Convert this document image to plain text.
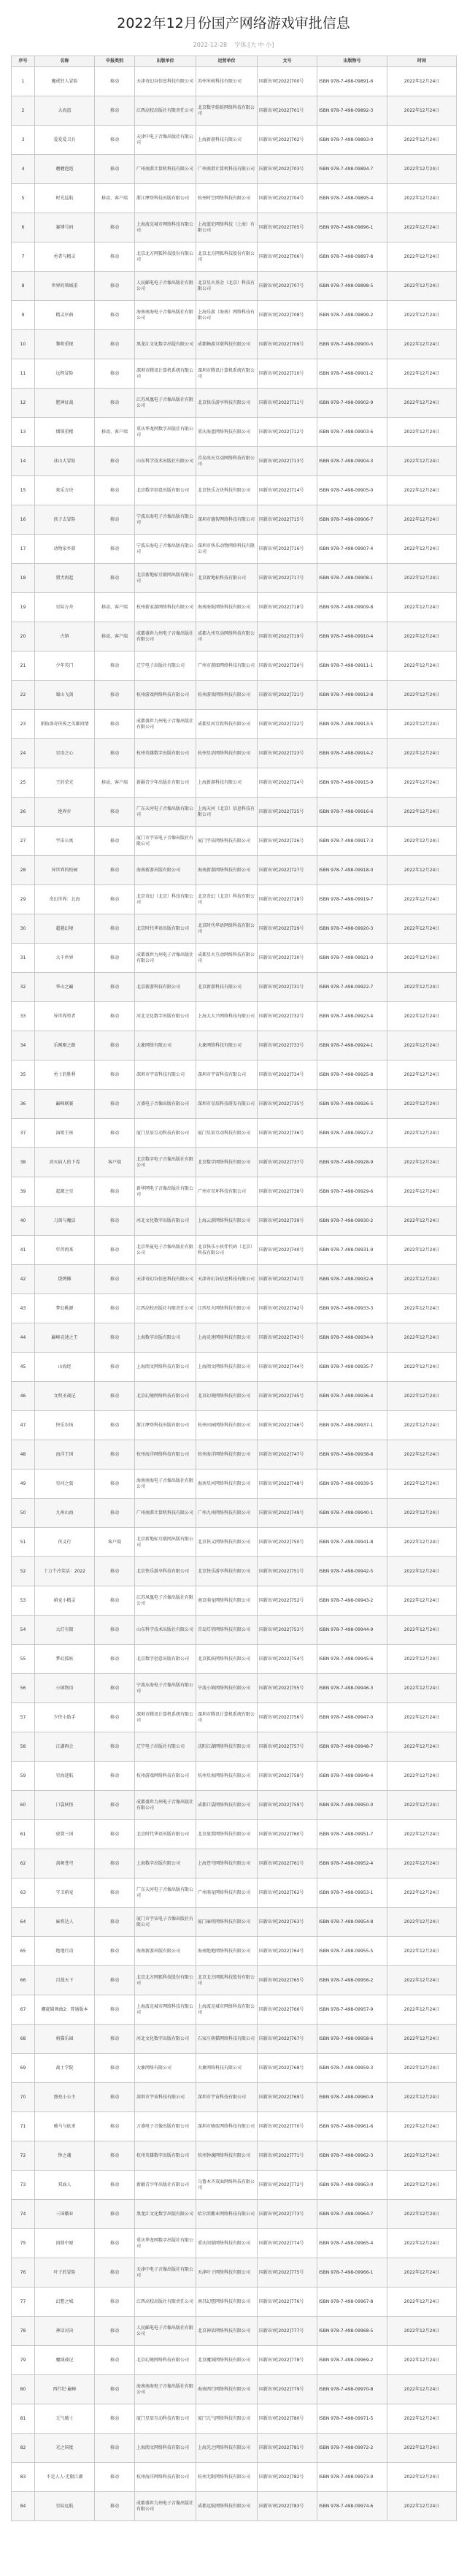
2022年12月份国产网络游戏审批信息
2022-12-28 字体:[大 中 小]
序号	名称	申报类别	出版单位	运营单位	文号	出版物号	时间
1	魔戒狂人冒险	移动	天津奇幻谷信息科技有限公司	苏州米岐科技有限公司	国新出审[2022]700号	ISBN 978-7-498-09891-6	2022年12月24日
2	大海盗	移动	江西高校出版社有限责任公司	北京数字蛙蛙网络科技有限公司	国新出审[2022]701号	ISBN 978-7-498-09892-3	2022年12月24日
3	爱爱爱卫兵	移动	天津中电子音像出版社有限公司	上海新游科技有限公司	国新出审[2022]702号	ISBN 978-7-498-09893-0	2022年12月24日
4	蘑蘑泡泡	移动	广州南淇计算机科技有限公司	广州南淇计算机科技有限公司	国新出审[2022]703号	ISBN 978-7-498-09894-7	2022年12月24日
5	时光巡航	移动、客户端	浙江摩登科技出版有限公司	杭州时空网络科技有限公司	国新出审[2022]704号	ISBN 978-7-498-09895-4	2022年12月24日
6	赛博号码	移动	上海波克城市网络科技有限公司	上海蓝伦网络科技（上海）有限公司	国新出审[2022]705号	ISBN 978-7-498-09896-1	2022年12月24日
7	勇者与精灵	移动	北京北方网狐科技股份有限公司	北京北方网狐科技股份有限公司	国新出审[2022]706号	ISBN 978-7-498-09897-8	2022年12月24日
8	世界的领域重	移动	人民邮电电子音像出版社有限公司	北京星火基金（北京）科技有限公司	国新出审[2022]707号	ISBN 978-7-498-09898-5	2022年12月24日
9	精灵序曲	移动	海南南海电子音像出版社有限公司	上海乐游（海南）网络科技有限公司	国新出审[2022]708号	ISBN 978-7-498-09899-2	2022年12月24日
10	黎明重现	移动	黑龙江文化数字出版有限公司	成都畅游互联科技有限公司	国新出审[2022]709号	ISBN 978-7-498-09900-5	2022年12月24日
11	远程冒险	移动	深圳市腾讯计算机系统有限公司	深圳市腾讯计算机系统有限公司	国新出审[2022]710号	ISBN 978-7-498-09901-2	2022年12月24日
12	肥神征战	移动	江苏凤凰电子音像出版社有限公司	北京快乐游享科技有限公司	国新出审[2022]711号	ISBN 978-7-498-09902-9	2022年12月24日
13	烟锁重楼	移动、客户端	重庆华龙网数字出版社有限公司	重庆海蓝网络科技有限公司	国新出审[2022]712号	ISBN 978-7-498-09903-6	2022年12月24日
14	冰山大冒险	移动	山东科学技术出版社有限公司	青岛冰天互动网络科技有限公司	国新出审[2022]713号	ISBN 978-7-498-09904-3	2022年12月24日
15	欢乐方块	移动	北京数字创意出版有限公司	北京快乐方块科技有限公司	国新出审[2022]714号	ISBN 978-7-498-09905-0	2022年12月24日
16	孩子去冒险	移动	宁波东海电子音像出版有限公司	深圳市德智网络科技有限公司	国新出审[2022]715号	ISBN 978-7-498-09906-7	2022年12月24日
17	动物家乡游	移动	宁波东海电子音像出版有限公司	深圳市快乐动物网络科技有限公司	国新出审[2022]716号	ISBN 978-7-498-09907-4	2022年12月24日
18	猎犬再起	移动	北京新地标互联网出版有限公司	北京新地标科技有限公司	国新出审[2022]717号	ISBN 978-7-498-09908-1	2022年12月24日
19	星际方舟	移动、客户端	杭州新家游网络科技有限公司	海南海航网络科技有限公司	国新出审[2022]718号	ISBN 978-7-498-09909-8	2022年12月24日
20	古镇	移动、客户端	成都盛世九州电子音像出版社有限公司	成都九州互动网络科技有限公司	国新出审[2022]719号	ISBN 978-7-498-09910-4	2022年12月24日
21	少年英门	移动	辽宁电子出版社有限公司	广州市游图网络科技有限公司	国新出审[2022]720号	ISBN 978-7-498-09911-1	2022年12月24日
22	蜀山飞剑	移动	杭州游戏网络科技有限公司	杭州游戏网络科技有限公司	国新出审[2022]721号	ISBN 978-7-498-09912-8	2022年12月24日
23	新仙剑奇侠传之英雄问情	移动	成都盛世九州电子音像出版社有限公司	成都星河互娱科技有限公司	国新出审[2022]722号	ISBN 978-7-498-09913-5	2022年12月24日
24	星语之心	移动	杭州英雄数字出版有限公司	杭州星语网络科技有限公司	国新出审[2022]723号	ISBN 978-7-498-09914-2	2022年12月24日
25	王的荣光	移动、客户端	新疆青少年出版社有限公司	上海新游科技有限公司	国新出审[2022]724号	ISBN 978-7-498-09915-9	2022年12月24日
26	绝界步	移动	广东天河电子音像出版有限公司	上海天河（北京）信息科技有限公司	国新出审[2022]725号	ISBN 978-7-498-09916-6	2022年12月24日
27	宇宙公寓	移动	厦门市宇宙电子音像出版社有限公司	厦门宇宙网络科技有限公司	国新出审[2022]726号	ISBN 978-7-498-09917-3	2022年12月24日
28	异世界的校园	移动	海南新游出版有限公司	海南新游网络科技有限公司	国新出审[2022]727号	ISBN 978-7-498-09918-0	2022年12月24日
29	奇幻世界：北海	移动	北京奇幻（北京）科技有限公司	北京奇幻（北京）科技有限公司	国新出审[2022]728号	ISBN 978-7-498-09919-7	2022年12月24日
30	超越幻境	移动	北京时代华语出版有限公司	北京时代华语网络科技有限公司	国新出审[2022]729号	ISBN 978-7-498-09920-3	2022年12月24日
31	大千世界	移动	成都盛世九州电子音像出版社有限公司	成都星火互动网络科技有限公司	国新出审[2022]730号	ISBN 978-7-498-09921-0	2022年12月24日
32	华山之巅	移动	北京新游科技有限公司	北京新游科技有限公司	国新出审[2022]731号	ISBN 978-7-498-09922-7	2022年12月24日
33	异世界勇者	移动	河北文化数字出版有限公司	上海大大兴网络科技有限公司	国新出审[2022]732号	ISBN 978-7-498-09923-4	2022年12月24日
34	乐刚刚之路	移动	大象网络有限公司	大象网络科技有限公司	国新出审[2022]733号	ISBN 978-7-498-09924-1	2022年12月24日
35	勇士的胜利	移动	深圳市宇宙科技有限公司	深圳市宇宙科技有限公司	国新出审[2022]734号	ISBN 978-7-498-09925-8	2022年12月24日
36	巅峰联赛	移动	万盛电子音像出版有限公司	深圳市星辰科技研发有限公司	国新出审[2022]735号	ISBN 978-7-498-09926-5	2022年12月24日
37	演唱王座	移动	厦门星辰互动科技有限公司	厦门星辰互动科技有限公司	国新出审[2022]736号	ISBN 978-7-498-09927-2	2022年12月24日
38	消灭病人的下毒	客户端	北京数字电子音像出版社有限公司	北京数字网络科技有限公司	国新出审[2022]737号	ISBN 978-7-498-09928-9	2022年12月24日
39	起源之星	移动	新华网电子音像出版社有限公司	广州市星环科技有限公司	国新出审[2022]738号	ISBN 978-7-498-09929-6	2022年12月24日
40	刀剑与魔法	移动	河北文化数字出版有限公司	上海云游网络科技有限公司	国新出审[2022]739号	ISBN 978-7-498-09930-2	2022年12月24日
41	年兽再来	移动	北京华夏电子音像出版社有限公司	北京快乐小伙伴代码（北京）科技有限公司	国新出审[2022]740号	ISBN 978-7-498-09931-9	2022年12月24日
42	烧烤摊	移动	天津奇幻谷信息科技有限公司	天津奇幻谷信息科技有限公司	国新出审[2022]741号	ISBN 978-7-498-09932-6	2022年12月24日
43	梦幻桃源	移动	江西高校出版社有限责任公司	江西星火网络科技有限公司	国新出审[2022]742号	ISBN 978-7-498-09933-3	2022年12月24日
44	巅峰竞速之王	移动	上海数字出版有限公司	上海竞速网络科技有限公司	国新出审[2022]743号	ISBN 978-7-498-09934-0	2022年12月24日
45	山海经	移动	上海阅文网络科技有限公司	上海阅文网络科技有限公司	国新出审[2022]744号	ISBN 978-7-498-09935-7	2022年12月24日
46	文明圣战记	移动	北京幻境网络科技有限公司	北京幻境网络科技有限公司	国新出审[2022]745号	ISBN 978-7-498-09936-4	2022年12月24日
47	快乐农场	移动	浙江摩登科技出版有限公司	杭州田园网络科技有限公司	国新出审[2022]746号	ISBN 978-7-498-09937-1	2022年12月24日
48	海洋王国	移动	杭州海洋网络科技有限公司	杭州海洋网络科技有限公司	国新出审[2022]747号	ISBN 978-7-498-09938-8	2022年12月24日
49	星河之旅	移动	海南南海电子音像出版社有限公司	海南星河网络科技有限公司	国新出审[2022]748号	ISBN 978-7-498-09939-5	2022年12月24日
50	九州山海	移动	广州南淇计算机科技有限公司	广州九州网络科技有限公司	国新出审[2022]749号	ISBN 978-7-498-09940-1	2022年12月24日
51	侠义行	客户端	北京新地标互联网出版有限公司	北京侠义网络科技有限公司	国新出审[2022]750号	ISBN 978-7-498-09941-8	2022年12月24日
52	十万个冷笑话：2022	移动	北京快乐游享科技有限公司	北京快乐游享科技有限公司	国新出审[2022]751号	ISBN 978-7-498-09942-5	2022年12月24日
53	萌宠小精灵	移动	江苏凤凰电子音像出版社有限公司	南京萌宠网络科技有限公司	国新出审[2022]752号	ISBN 978-7-498-09943-2	2022年12月24日
54	大灯有限	移动	山东科学技术出版社有限公司	青岛灯塔网络科技有限公司	国新出审[2022]753号	ISBN 978-7-498-09944-9	2022年12月24日
55	梦幻狐妖	移动	北京数字创意出版有限公司	北京狐妖网络科技有限公司	国新出审[2022]754号	ISBN 978-7-498-09945-6	2022年12月24日
56	小镇物语	移动	宁波东海电子音像出版有限公司	宁波小镇网络科技有限公司	国新出审[2022]755号	ISBN 978-7-498-09946-3	2022年12月24日
57	少侠小助手	移动	深圳市腾讯计算机系统有限公司	深圳市腾讯计算机系统有限公司	国新出审[2022]756号	ISBN 978-7-498-09947-0	2022年12月24日
58	江湖再会	移动	辽宁电子出版社有限公司	沈阳江湖网络科技有限公司	国新出审[2022]757号	ISBN 978-7-498-09948-7	2022年12月24日
59	星海迷航	移动	杭州游戏网络科技有限公司	杭州星海网络科技有限公司	国新出审[2022]758号	ISBN 978-7-498-09949-4	2022年12月24日
60	口袋妖怪	移动	成都盛世九州电子音像出版社有限公司	成都口袋网络科技有限公司	国新出审[2022]759号	ISBN 978-7-498-09950-0	2022年12月24日
61	放置三国	移动	北京时代华语出版有限公司	北京放置网络科技有限公司	国新出审[2022]760号	ISBN 978-7-498-09951-7	2022年12月24日
62	剑舞苍穹	移动	上海数字出版有限公司	上海苍穹网络科技有限公司	国新出审[2022]761号	ISBN 978-7-498-09952-4	2022年12月24日
63	守卫萌宠	移动	广东天河电子音像出版有限公司	广州萌宠网络科技有限公司	国新出审[2022]762号	ISBN 978-7-498-09953-1	2022年12月24日
64	麻将达人	移动	厦门市宇宙电子音像出版社有限公司	厦门麻将网络科技有限公司	国新出审[2022]763号	ISBN 978-7-498-09954-8	2022年12月24日
65	绝地行动	移动	海南新游出版有限公司	海南绝地网络科技有限公司	国新出审[2022]764号	ISBN 978-7-498-09955-5	2022年12月24日
66	百战天下	移动	北京北方网狐科技股份有限公司	北京北方网狐科技股份有限公司	国新出审[2022]765号	ISBN 978-7-498-09956-2	2022年12月24日
67	螺旋圆舞曲2：普通版本	移动	上海波克城市网络科技有限公司	上海波克城市网络科技有限公司	国新出审[2022]766号	ISBN 978-7-498-09957-9	2022年12月24日
68	萌猫乐园	移动	河北文化数字出版有限公司	石家庄萌猫网络科技有限公司	国新出审[2022]767号	ISBN 978-7-498-09958-6	2022年12月24日
69	战士学院	移动	大象网络有限公司	大象网络科技有限公司	国新出审[2022]768号	ISBN 978-7-498-09959-3	2022年12月24日
70	漂亮小公主	移动	深圳市宇宙科技有限公司	深圳市宇宙科技有限公司	国新出审[2022]769号	ISBN 978-7-498-09960-9	2022年12月24日
71	骑马与砍杀	移动	万盛电子音像出版有限公司	深圳市骑砍网络科技有限公司	国新出审[2022]770号	ISBN 978-7-498-09961-6	2022年12月24日
72	钟之魂	移动	杭州英雄数字出版有限公司	杭州钟魂网络科技有限公司	国新出审[2022]771号	ISBN 978-7-498-09962-3	2022年12月24日
73	双面人	移动	新疆青少年出版社有限公司	乌鲁木齐双面网络科技有限公司	国新出审[2022]772号	ISBN 978-7-498-09963-0	2022年12月24日
74	三国霸业	移动	黑龙江文化数字出版有限公司	哈尔滨霸业网络科技有限公司	国新出审[2022]773号	ISBN 978-7-498-09964-7	2022年12月24日
75	问鼎中原	移动	重庆华龙网数字出版社有限公司	重庆问鼎网络科技有限公司	国新出审[2022]774号	ISBN 978-7-498-09965-4	2022年12月24日
76	叶子的冒险	移动	天津中电子音像出版社有限公司	天津叶子网络科技有限公司	国新出审[2022]775号	ISBN 978-7-498-09966-1	2022年12月24日
77	幻想之城	移动	江西高校出版社有限责任公司	南昌幻想网络科技有限公司	国新出审[2022]776号	ISBN 978-7-498-09967-8	2022年12月24日
78	神话对决	移动	人民邮电电子音像出版社有限公司	北京神话网络科技有限公司	国新出审[2022]777号	ISBN 978-7-498-09968-5	2022年12月24日
79	魔域战记	移动	北京幻境网络科技有限公司	北京魔域网络科技有限公司	国新出审[2022]778号	ISBN 978-7-498-09969-2	2022年12月24日
80	西行纪·巅峰	移动	海南南海电子音像出版社有限公司	海南西行网络科技有限公司	国新出审[2022]779号	ISBN 978-7-498-09970-8	2022年12月24日
81	元气骑士	移动	厦门星辰互动科技有限公司	厦门元气网络科技有限公司	国新出审[2022]780号	ISBN 978-7-498-09971-5	2022年12月24日
82	光之国度	移动	上海阅文网络科技有限公司	上海光之网络科技有限公司	国新出审[2022]781号	ISBN 978-7-498-09972-2	2022年12月24日
83	不是人人·无限江湖	移动	杭州海洋网络科技有限公司	杭州无限网络科技有限公司	国新出审[2022]782号	ISBN 978-7-498-09973-9	2022年12月24日
84	星际远航	移动	成都盛世九州电子音像出版社有限公司	成都远航网络科技有限公司	国新出审[2022]783号	ISBN 978-7-498-09974-6	2022年12月24日
